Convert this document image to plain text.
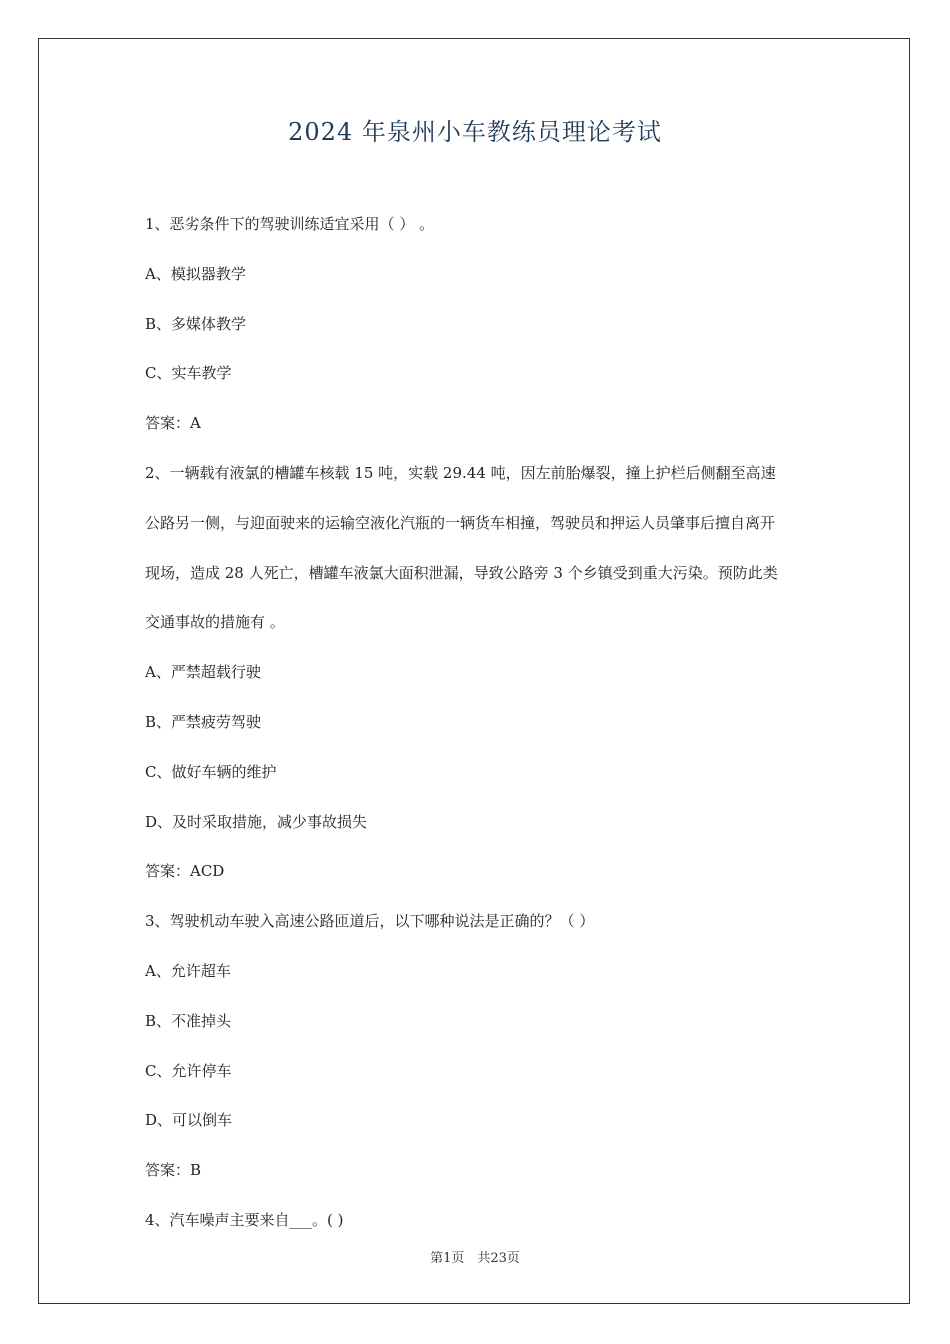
2024 年泉州小车教练员理论考试
1、恶劣条件下的驾驶训练适宜采用（ ） 。
A、模拟器教学
B、多媒体教学
C、实车教学
答案：A
2、一辆载有液氯的槽罐车核载 15 吨，实载 29.44 吨，因左前胎爆裂，撞上护栏后侧翻至高速
公路另一侧，与迎面驶来的运输空液化汽瓶的一辆货车相撞，驾驶员和押运人员肇事后擅自离开
现场，造成 28 人死亡，槽罐车液氯大面积泄漏，导致公路旁 3 个乡镇受到重大污染。预防此类
交通事故的措施有 。
A、严禁超载行驶
B、严禁疲劳驾驶
C、做好车辆的维护
D、及时采取措施，减少事故损失
答案：ACD
3、驾驶机动车驶入高速公路匝道后，以下哪种说法是正确的？（ ）
A、允许超车
B、不准掉头
C、允许停车
D、可以倒车
答案：B
4、汽车噪声主要来自___。( )
第1页　共23页
